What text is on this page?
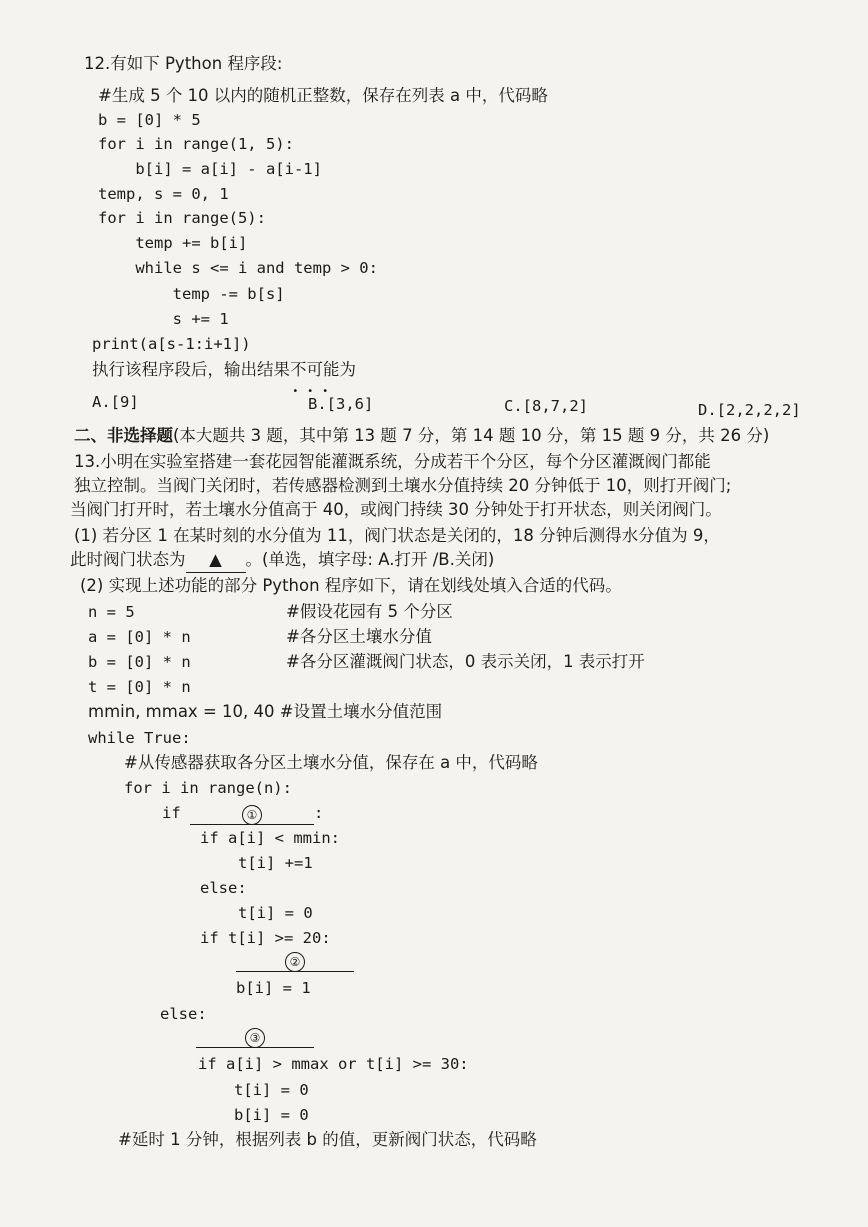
12.有如下 Python 程序段:
#生成 5 个 10 以内的随机正整数，保存在列表 a 中，代码略
b = [0] * 5
for i in range(1, 5):
b[i] = a[i] - a[i-1]
temp, s = 0, 1
for i in range(5):
temp += b[i]
while s <= i and temp > 0:
temp -= b[s]
s += 1
print(a[s-1:i+1])
执行该程序段后，输出结果不可能
•••
为
A.[9]	B.[3,6]	C.[8,7,2]	D.[2,2,2,2]
二、非选择题(本大题共 3 题，其中第 13 题 7 分，第 14 题 10 分，第 15 题 9 分，共 26 分)
13.小明在实验室搭建一套花园智能灌溉系统，分成若干个分区，每个分区灌溉阀门都能
独立控制。当阀门关闭时，若传感器检测到土壤水分值持续 20 分钟低于 10，则打开阀门;
当阀门打开时，若土壤水分值高于 40，或阀门持续 30 分钟处于打开状态，则关闭阀门。
(1) 若分区 1 在某时刻的水分值为 11，阀门状态是关闭的，18 分钟后测得水分值为 9，
此时阀门状态为 ▲ 。(单选，填字母: A.打开 /B.关闭)
(2) 实现上述功能的部分 Python 程序如下，请在划线处填入合适的代码。
n = 5	#假设花园有 5 个分区
a = [0] * n	#各分区土壤水分值
b = [0] * n	#各分区灌溉阀门状态，0 表示关闭，1 表示打开
t = [0] * n
mmin, mmax = 10, 40 #设置土壤水分值范围
while True:
#从传感器获取各分区土壤水分值，保存在 a 中，代码略
for i in range(n):
if	①	:
if a[i] < mmin:
t[i] +=1
else:
t[i] = 0
if t[i] >= 20:
②
b[i] = 1
else:
③
if a[i] > mmax or t[i] >= 30:
t[i] = 0
b[i] = 0
#延时 1 分钟，根据列表 b 的值，更新阀门状态，代码略
